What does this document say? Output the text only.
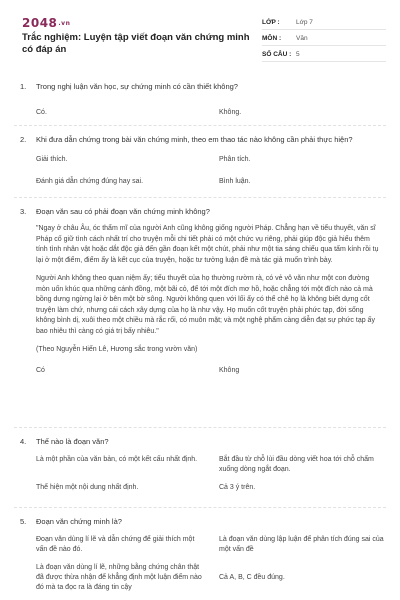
2048.vn
Trắc nghiệm: Luyện tập viết đoạn văn chứng minh có đáp án
LỚP :	Lớp 7
MÔN : Văn
SỐ CÂU : 5
1. Trong nghị luận văn học, sự chứng minh có cần thiết không?
Có.	Không.
2. Khi đưa dẫn chứng trong bài văn chứng minh, theo em thao tác nào không cần phải thực hiện?
Giải thích.	Phân tích.
Đánh giá dẫn chứng đúng hay sai.	Bình luận.
3. Đoạn văn sau có phải đoạn văn chứng minh không?

"Ngay ở châu Âu, óc thẩm mĩ của người Anh cũng không giống người Pháp. Chẳng hạn về tiểu thuyết, văn sĩ Pháp cố giữ tình cách nhất trí cho truyện mỗi chi tiết phải có một chức vụ riêng, phải giúp độc giả hiểu thêm tính tình nhân vật hoặc dắt độc giả đến gần đoạn kết một chút, phải như một tia sáng chiếu qua tấm kính rồi tụ lại ở một điểm, điểm ấy là kết cục của truyện, hoặc tư tưởng luận đề mà tác giả muốn trình bày.

Người Anh không theo quan niệm ấy; tiểu thuyết của họ thường rườm rà, có vẻ vô văn như một con đường mòn uốn khúc qua những cánh đồng, một bãi cỏ, để tới một đích mơ hồ, hoặc chẳng tới một đích nào cả mà bồng dưng ngừng lại ở bên một bờ sông. Người không quen với lối ấy có thể chê họ là không biết dựng cốt truyện làm chứ, nhưng cái cách xây dựng của họ là như vậy. Họ muốn cốt truyện phải phức tạp, đời sống không bình dị, xuôi theo một chiều mà rắc rối, có muôn mặt; và một nghệ phẩm càng diễn đạt sự phức tạp ấy bao nhiêu thì càng có giá trị bấy nhiêu."

(Theo Nguyễn Hiến Lê, Hương sắc trong vườn văn)

Có	Không
4. Thế nào là đoạn văn?
Là một phần của văn bản, có một kết cấu nhất định.	Bắt đầu từ chỗ lùi đầu dòng viết hoa tới chỗ chấm xuống dòng ngắt đoạn.
Thể hiện một nội dung nhất định.	Cả 3 ý trên.
5. Đoạn văn chứng minh là?
Đoạn văn dùng lí lẽ và dẫn chứng để giải thích một vấn đề nào đó.
Là đoạn văn dùng lập luận để phân tích đúng sai của một vấn đề
Là đoạn văn dùng lí lẽ, những bằng chứng chân thật đã được thừa nhận để khẳng định một luận điểm nào đó mà ta đọc ra là đáng tin cậy
Cả A, B, C đều đúng.
